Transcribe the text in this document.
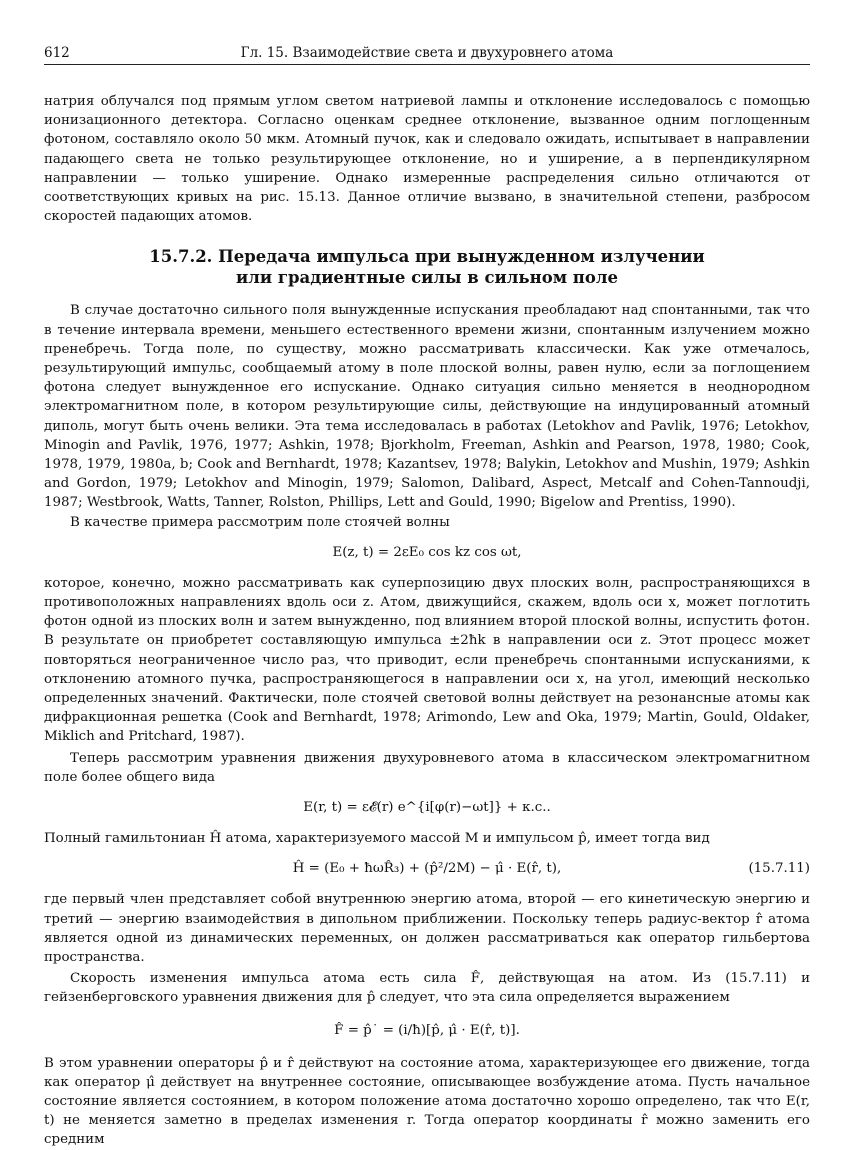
612	Гл. 15. Взаимодействие света и двухуровнего атома

натрия облучался под прямым углом светом натриевой лампы и отклонение исследовалось с помощью ионизационного детектора. Согласно оценкам среднее отклонение, вызванное одним поглощенным фотоном, составляло около 50 мкм. Атомный пучок, как и следовало ожидать, испытывает в направлении падающего света не только результирующее отклонение, но и уширение, а в перпендикулярном направлении — только уширение. Однако измеренные распределения сильно отличаются от соответствующих кривых на рис. 15.13. Данное отличие вызвано, в значительной степени, разбросом скоростей падающих атомов.

15.7.2. Передача импульса при вынужденном излучении
или градиентные силы в сильном поле

В случае достаточно сильного поля вынужденные испускания преобладают над спонтанными, так что в течение интервала времени, меньшего естественного времени жизни, спонтанным излучением можно пренебречь. Тогда поле, по существу, можно рассматривать классически. Как уже отмечалось, результирующий импульс, сообщаемый атому в поле плоской волны, равен нулю, если за поглощением фотона следует вынужденное его испускание. Однако ситуация сильно меняется в неоднородном электромагнитном поле, в котором результирующие силы, действующие на индуцированный атомный диполь, могут быть очень велики. Эта тема исследовалась в работах (Letokhov and Pavlik, 1976; Letokhov, Minogin and Pavlik, 1976, 1977; Ashkin, 1978; Bjorkholm, Freeman, Ashkin and Pearson, 1978, 1980; Cook, 1978, 1979, 1980a, b; Cook and Bernhardt, 1978; Kazantsev, 1978; Balykin, Letokhov and Mushin, 1979; Ashkin and Gordon, 1979; Letokhov and Minogin, 1979; Salomon, Dalibard, Aspect, Metcalf and Cohen-Tannoudji, 1987; Westbrook, Watts, Tanner, Rolston, Phillips, Lett and Gould, 1990; Bigelow and Prentiss, 1990).

В качестве примера рассмотрим поле стоячей волны

E(z, t) = 2εE₀ cos kz cos ωt,

которое, конечно, можно рассматривать как суперпозицию двух плоских волн, распространяющихся в противоположных направлениях вдоль оси z. Атом, движущийся, скажем, вдоль оси x, может поглотить фотон одной из плоских волн и затем вынужденно, под влиянием второй плоской волны, испустить фотон. В результате он приобретет составляющую импульса ±2ħk в направлении оси z. Этот процесс может повторяться неограниченное число раз, что приводит, если пренебречь спонтанными испусканиями, к отклонению атомного пучка, распространяющегося в направлении оси x, на угол, имеющий несколько определенных значений. Фактически, поле стоячей световой волны действует на резонансные атомы как дифракционная решетка (Cook and Bernhardt, 1978; Arimondo, Lew and Oka, 1979; Martin, Gould, Oldaker, Miklich and Pritchard, 1987).

Теперь рассмотрим уравнения движения двухуровневого атома в классическом электромагнитном поле более общего вида

E(r, t) = ε𝓔(r) e^{i[φ(r)−ωt]} + к.с..

Полный гамильтониан Ĥ атома, характеризуемого массой M и импульсом p̂, имеет тогда вид

Ĥ = (E₀ + ħωR̂₃) + (p̂²/2M) − μ̂ · E(r̂, t),	(15.7.11)

где первый член представляет собой внутреннюю энергию атома, второй — его кинетическую энергию и третий — энергию взаимодействия в дипольном приближении. Поскольку теперь радиус-вектор r̂ атома является одной из динамических переменных, он должен рассматриваться как оператор гильбертова пространства.

Скорость изменения импульса атома есть сила F̂, действующая на атом. Из (15.7.11) и гейзенберговского уравнения движения для p̂ следует, что эта сила определяется выражением

F̂ = p̂˙ = (i/ħ)[p̂, μ̂ · E(r̂, t)].

В этом уравнении операторы p̂ и r̂ действуют на состояние атома, характеризующее его движение, тогда как оператор μ̂ действует на внутреннее состояние, описывающее возбуждение атома. Пусть начальное состояние является состоянием, в котором положение атома достаточно хорошо определено, так что E(r, t) не меняется заметно в пределах изменения r. Тогда оператор координаты r̂ можно заменить его средним
